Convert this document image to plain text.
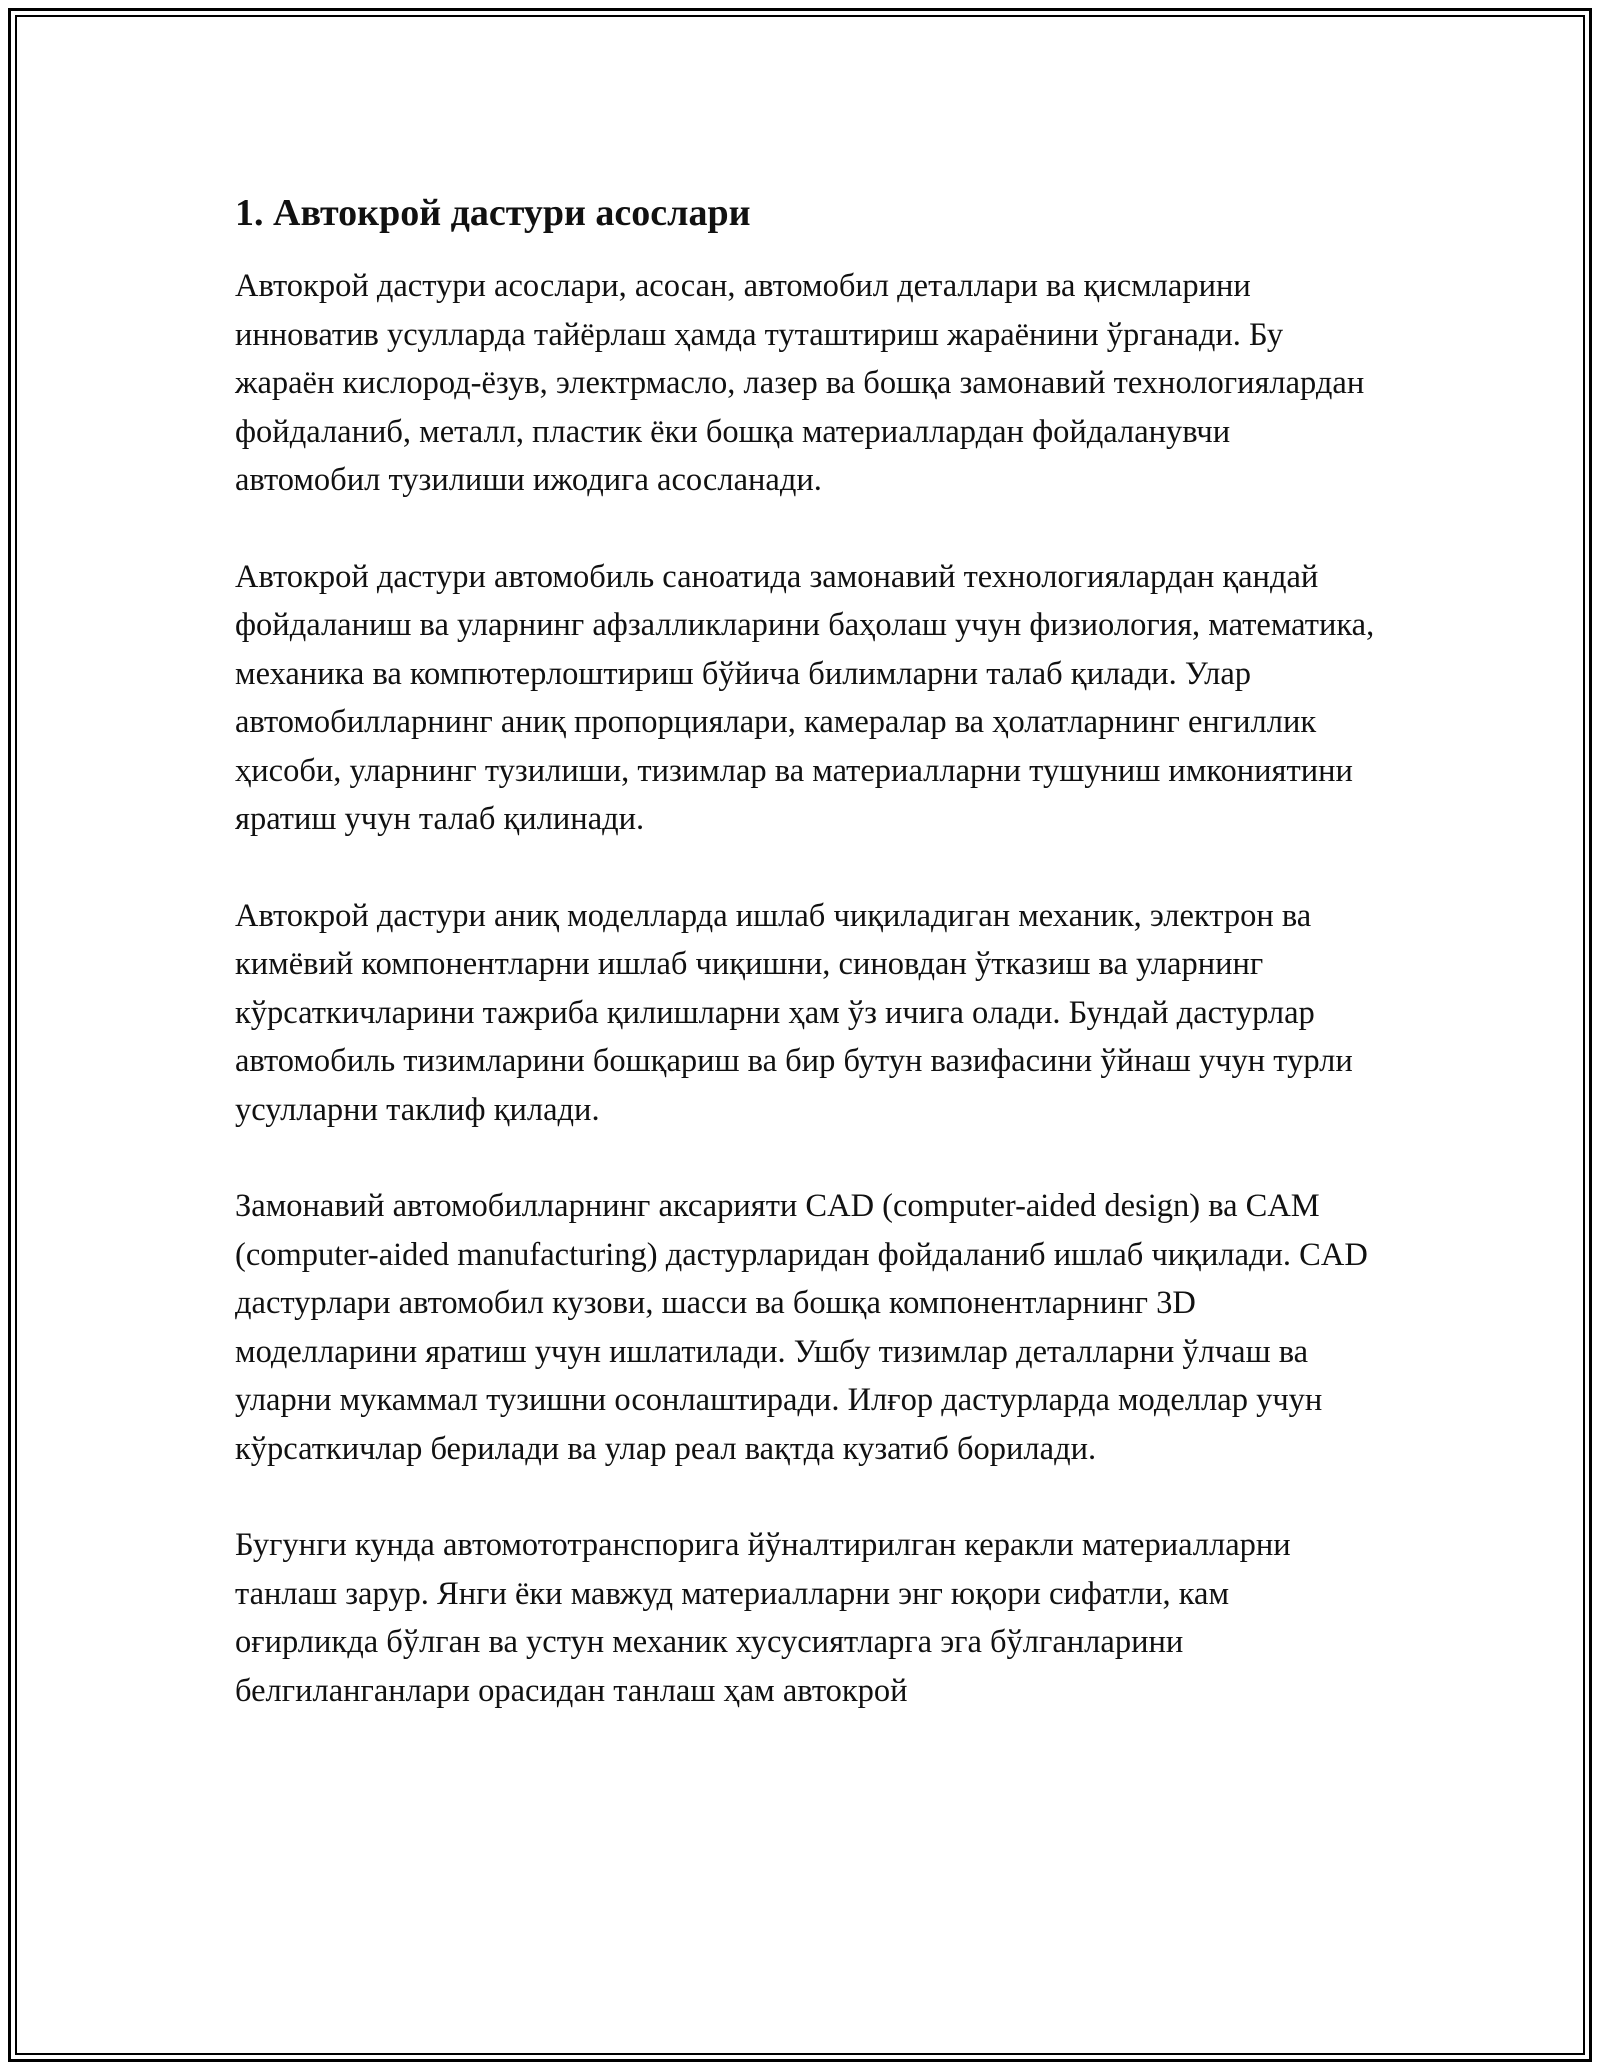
1. Автокрой дастури асослари

Автокрой дастури асослари, асосан, автомобил деталлари ва қисмларини инноватив усулларда тайёрлаш ҳамда туташтириш жараёнини ўрганади. Бу жараён кислород-ёзув, электрмасло, лазер ва бошқа замонавий технологиялардан фойдаланиб, металл, пластик ёки бошқа материаллардан фойдаланувчи автомобил тузилиши ижодига асосланади.

Автокрой дастури автомобиль саноатида замонавий технологиялардан қандай фойдаланиш ва уларнинг афзалликларини баҳолаш учун физиология, математика, механика ва компютерлоштириш бўйича билимларни талаб қилади. Улар автомобилларнинг аниқ пропорциялари, камералар ва ҳолатларнинг енгиллик ҳисоби, уларнинг тузилиши, тизимлар ва материалларни тушуниш имкониятини яратиш учун талаб қилинади.

Автокрой дастури аниқ моделларда ишлаб чиқиладиган механик, электрон ва кимёвий компонентларни ишлаб чиқишни, синовдан ўтказиш ва уларнинг кўрсаткичларини тажриба қилишларни ҳам ўз ичига олади. Бундай дастурлар автомобиль тизимларини бошқариш ва бир бутун вазифасини ўйнаш учун турли усулларни таклиф қилади.

Замонавий автомобилларнинг аксарияти CAD (computer-aided design) ва CAM (computer-aided manufacturing) дастурларидан фойдаланиб ишлаб чиқилади. CAD дастурлари автомобил кузови, шасси ва бошқа компонентларнинг 3D моделларини яратиш учун ишлатилади. Ушбу тизимлар деталларни ўлчаш ва уларни мукаммал тузишни осонлаштиради. Илғор дастурларда моделлар учун кўрсаткичлар берилади ва улар реал вақтда кузатиб борилади.

Бугунги кунда автомототранспорига йўналтирилган керакли материалларни танлаш зарур. Янги ёки мавжуд материалларни энг юқори сифатли, кам оғирликда бўлган ва устун механик хусусиятларга эга бўлганларини белгиланганлари орасидан танлаш ҳам автокрой
